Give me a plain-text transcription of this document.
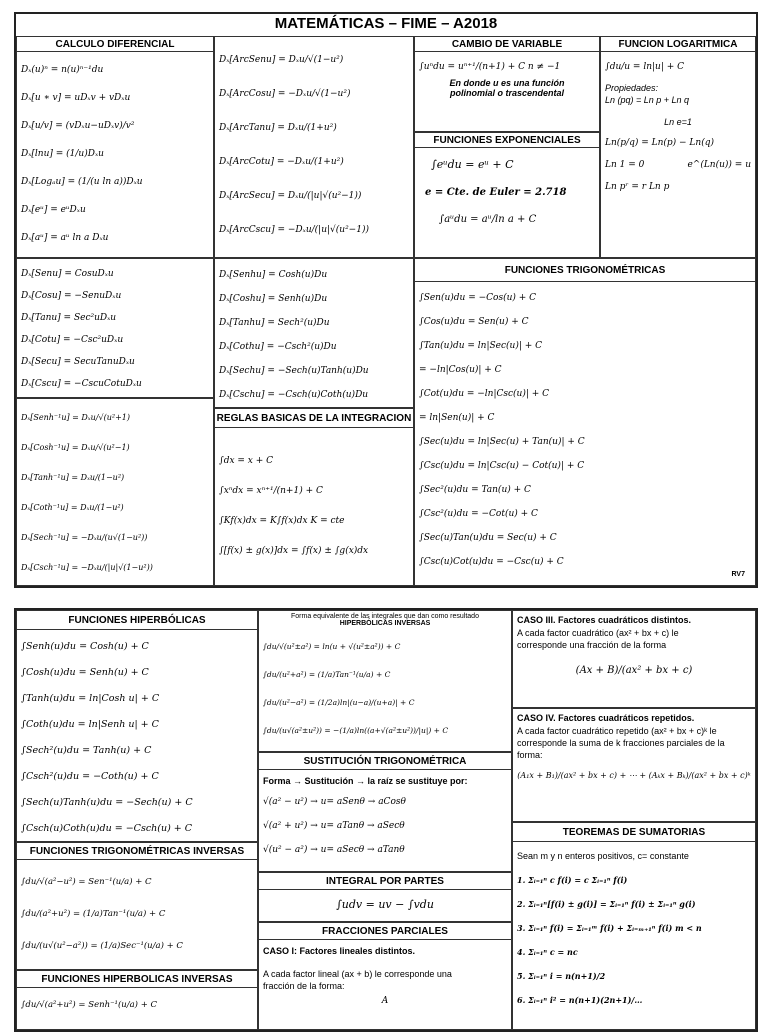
MATEMÁTICAS – FIME – A2018
CALCULO DIFERENCIAL
Dₓ(u)ⁿ = n(u)ⁿ⁻¹du
Dₓ[u ∗ v] = uDₓv + vDₓu
Dₓ[u/v] = (vDₓu−uDₓv)/v²
Dₓ[lnu] = (1/u)Dₓu
Dₓ[Logₐu] = (1/(u ln a))Dₓu
Dₓ[eᵘ] = eᵘDₓu
Dₓ[aᵘ] = aᵘ ln a Dₓu
Dₓ[ArcSenu] = Dₓu/√(1−u²)
Dₓ[ArcCosu] = −Dₓu/√(1−u²)
Dₓ[ArcTanu] = Dₓu/(1+u²)
Dₓ[ArcCotu] = −Dₓu/(1+u²)
Dₓ[ArcSecu] = Dₓu/(|u|√(u²−1))
Dₓ[ArcCscu] = −Dₓu/(|u|√(u²−1))
CAMBIO DE VARIABLE
∫uⁿdu = uⁿ⁺¹/(n+1) + C n ≠ −1
En donde u es una función
polinomial o trascendental
FUNCION LOGARITMICA
∫du/u = ln|u| + C
Propiedades:
Ln (pq) = Ln p + Ln q
Ln e=1
Ln(p/q) = Ln(p) − Ln(q)
Ln 1 = 0	e^(Ln(u)) = u
Ln pʳ = r Ln p
FUNCIONES EXPONENCIALES
∫eᵘdu = eᵘ + C
e = Cte. de Euler = 2.718
∫aᵘdu = aᵘ/ln a + C
Dₓ[Senu] = CosuDₓu
Dₓ[Cosu] = −SenuDₓu
Dₓ[Tanu] = Sec²uDₓu
Dₓ[Cotu] = −Csc²uDₓu
Dₓ[Secu] = SecuTanuDₓu
Dₓ[Cscu] = −CscuCotuDₓu
Dₓ[Senhu] = Cosh(u)Du
Dₓ[Coshu] = Senh(u)Du
Dₓ[Tanhu] = Sech²(u)Du
Dₓ[Cothu] = −Csch²(u)Du
Dₓ[Sechu] = −Sech(u)Tanh(u)Du
Dₓ[Cschu] = −Csch(u)Coth(u)Du
FUNCIONES TRIGONOMÉTRICAS
∫Sen(u)du = −Cos(u) + C
∫Cos(u)du = Sen(u) + C
∫Tan(u)du = ln|Sec(u)| + C
= −ln|Cos(u)| + C
∫Cot(u)du = −ln|Csc(u)| + C
= ln|Sen(u)| + C
∫Sec(u)du = ln|Sec(u) + Tan(u)| + C
∫Csc(u)du = ln|Csc(u) − Cot(u)| + C
∫Sec²(u)du = Tan(u) + C
∫Csc²(u)du = −Cot(u) + C
∫Sec(u)Tan(u)du = Sec(u) + C
∫Csc(u)Cot(u)du = −Csc(u) + C
RV7
Dₓ[Senh⁻¹u] = Dₓu/√(u²+1)
Dₓ[Cosh⁻¹u] = Dₓu/√(u²−1)
Dₓ[Tanh⁻¹u] = Dₓu/(1−u²)
Dₓ[Coth⁻¹u] = Dₓu/(1−u²)
Dₓ[Sech⁻¹u] = −Dₓu/(u√(1−u²))
Dₓ[Csch⁻¹u] = −Dₓu/(|u|√(1−u²))
REGLAS BASICAS DE LA INTEGRACION
∫dx = x + C
∫xⁿdx = xⁿ⁺¹/(n+1) + C
∫Kf(x)dx = K∫f(x)dx K = cte
∫[f(x) ± g(x)]dx = ∫f(x) ± ∫g(x)dx
FUNCIONES HIPERBÓLICAS
∫Senh(u)du = Cosh(u) + C
∫Cosh(u)du = Senh(u) + C
∫Tanh(u)du = ln|Cosh u| + C
∫Coth(u)du = ln|Senh u| + C
∫Sech²(u)du = Tanh(u) + C
∫Csch²(u)du = −Coth(u) + C
∫Sech(u)Tanh(u)du = −Sech(u) + C
∫Csch(u)Coth(u)du = −Csch(u) + C
FUNCIONES TRIGONOMÉTRICAS INVERSAS
∫du/√(a²−u²) = Sen⁻¹(u/a) + C
∫du/(a²+u²) = (1/a)Tan⁻¹(u/a) + C
∫du/(u√(u²−a²)) = (1/a)Sec⁻¹(u/a) + C
FUNCIONES HIPERBOLICAS INVERSAS
∫du/√(a²+u²) = Senh⁻¹(u/a) + C
Forma equivalente de las integrales que dan como resultado
HIPERBÓLICAS INVERSAS
∫du/√(u²±a²) = ln(u + √(u²±a²)) + C
∫du/(u²+a²) = (1/a)Tan⁻¹(u/a) + C
∫du/(u²−a²) = (1/2a)ln|(u−a)/(u+a)| + C
∫du/(u√(a²±u²)) = −(1/a)ln((a+√(a²±u²))/|u|) + C
SUSTITUCIÓN TRIGONOMÉTRICA
Forma → Sustitución → la raíz se sustituye por:
√(a² − u²) → u= aSenθ → aCosθ
√(a² + u²) → u= aTanθ → aSecθ
√(u² − a²) → u= aSecθ → aTanθ
INTEGRAL POR PARTES
∫udv = uv − ∫vdu
FRACCIONES PARCIALES
CASO I: Factores lineales distintos.
A cada factor lineal (ax + b) le corresponde una
fracción de la forma:
A
CASO III. Factores cuadráticos distintos.
A cada factor cuadrático (ax² + bx + c) le
corresponde una fracción de la forma
(Ax + B)/(ax² + bx + c)
CASO IV. Factores cuadráticos repetidos.
A cada factor cuadrático repetido (ax² + bx + c)ᵏ le
corresponde la suma de k fracciones parciales de la
forma:
(A₁x + B₁)/(ax² + bx + c) + ⋯ + (Aₖx + Bₖ)/(ax² + bx + c)ᵏ
TEOREMAS DE SUMATORIAS
Sean m y n enteros positivos, c= constante
1. Σᵢ₌₁ⁿ c f(i) = c Σᵢ₌₁ⁿ f(i)
2. Σᵢ₌₁ⁿ[f(i) ± g(i)] = Σᵢ₌₁ⁿ f(i) ± Σᵢ₌₁ⁿ g(i)
3. Σᵢ₌₁ⁿ f(i) = Σᵢ₌₁ᵐ f(i) + Σᵢ₌ₘ₊₁ⁿ f(i) m < n
4. Σᵢ₌₁ⁿ c = nc
5. Σᵢ₌₁ⁿ i = n(n+1)/2
6. Σᵢ₌₁ⁿ i² = n(n+1)(2n+1)/…
